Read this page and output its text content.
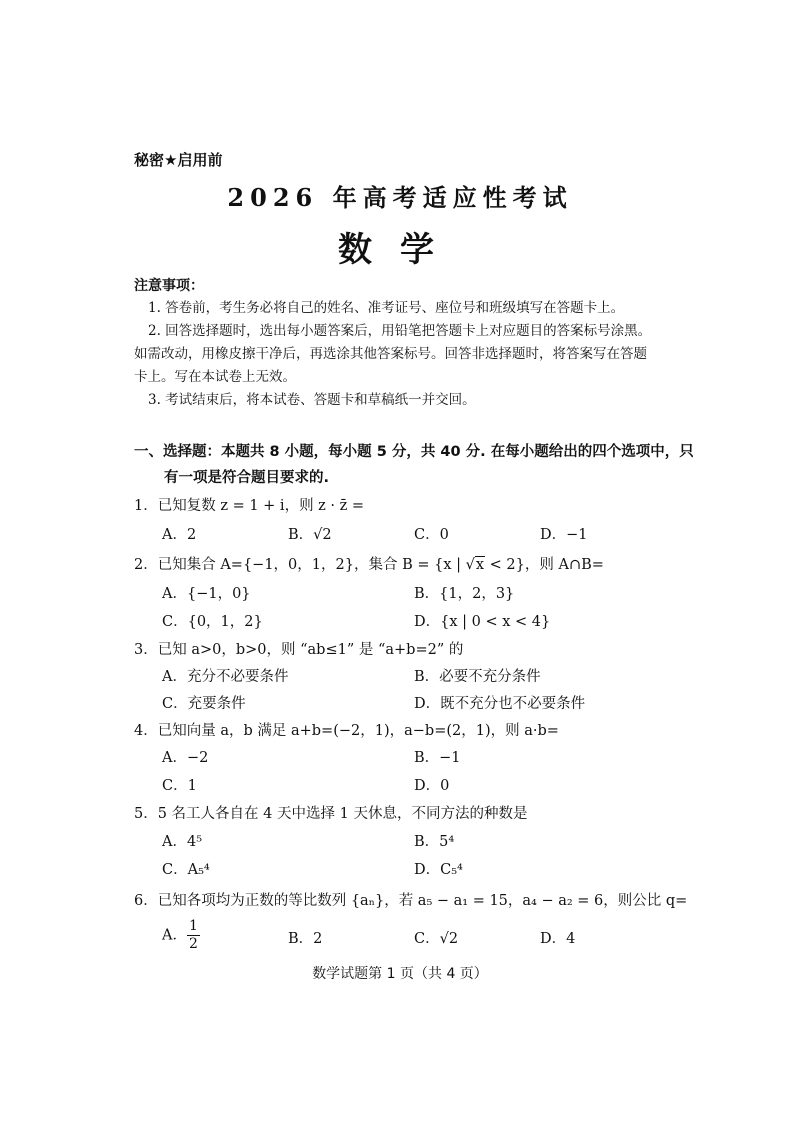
秘密★启用前
2026 年高考适应性考试
数学
注意事项：
1. 答卷前，考生务必将自己的姓名、准考证号、座位号和班级填写在答题卡上。
2. 回答选择题时，选出每小题答案后，用铅笔把答题卡上对应题目的答案标号涂黑。
如需改动，用橡皮擦干净后，再选涂其他答案标号。回答非选择题时，将答案写在答题
卡上。写在本试卷上无效。
3. 考试结束后，将本试卷、答题卡和草稿纸一并交回。
一、选择题：本题共 8 小题，每小题 5 分，共 40 分. 在每小题给出的四个选项中，只
有一项是符合题目要求的.
1．已知复数 z = 1 + i，则 z · z̄ =
A．2	B．√2	C．0	D．−1
2．已知集合 A={−1，0，1，2}，集合 B = {x | √x < 2}，则 A∩B=
A．{−1，0}	B．{1，2，3}
C．{0，1，2}	D．{x | 0 < x < 4}
3．已知 a>0，b>0，则 “ab≤1” 是 “a+b=2” 的
A．充分不必要条件	B．必要不充分条件
C．充要条件	D．既不充分也不必要条件
4．已知向量 a，b 满足 a+b=(−2，1)，a−b=(2，1)，则 a·b=
A．−2	B．−1
C．1	D．0
5．5 名工人各自在 4 天中选择 1 天休息，不同方法的种数是
A．4⁵	B．5⁴
C．A₅⁴	D．C₅⁴
6．已知各项均为正数的等比数列 {aₙ}，若 a₅ − a₁ = 15，a₄ − a₂ = 6，则公比 q=
A． $\frac{1}{2}$	B．2	C．√2	D．4
数学试题第 1 页（共 4 页）
